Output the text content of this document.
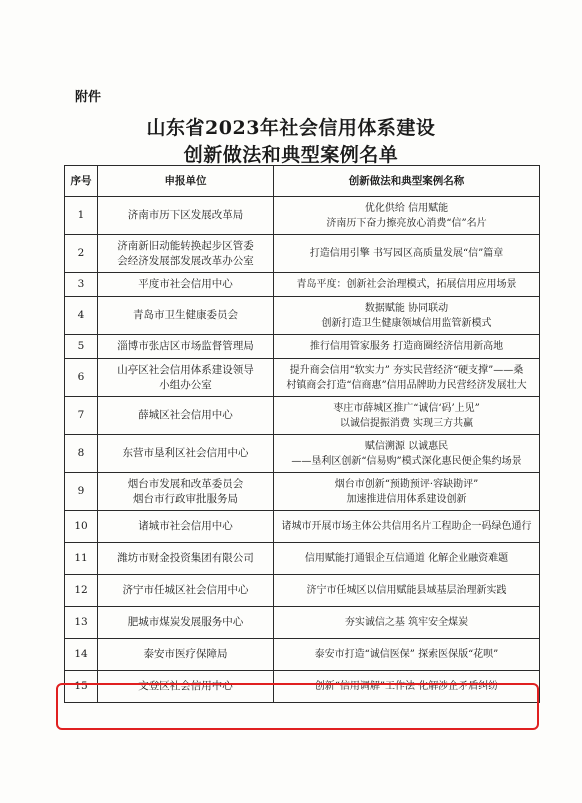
附件
山东省2023年社会信用体系建设
创新做法和典型案例名单
序号	申报单位	创新做法和典型案例名称
1	济南市历下区发展改革局	优化供给 信用赋能
济南历下奋力擦亮放心消费“信”名片

2	济南新旧动能转换起步区管委
会经济发展部发展改革办公室	打造信用引擎 书写园区高质量发展“信”篇章

3	平度市社会信用中心	青岛平度：创新社会治理模式，拓展信用应用场景

4	青岛市卫生健康委员会	数据赋能 协同联动
创新打造卫生健康领域信用监管新模式

5	淄博市张店区市场监督管理局	推行信用管家服务 打造商圈经济信用新高地

6	山亭区社会信用体系建设领导
小组办公室	提升商会信用“软实力” 夯实民营经济“硬支撑”——桑
村镇商会打造“信商惠”信用品牌助力民营经济发展壮大

7	薛城区社会信用中心	枣庄市薛城区推广“诚信‘码’上见”
以诚信提振消费 实现三方共赢

8	东营市垦利区社会信用中心	赋信溯源 以诚惠民
——垦利区创新“信易购”模式深化惠民便企集约场景

9	烟台市发展和改革委员会
烟台市行政审批服务局	烟台市创新“预勘预评·容缺勘评”
加速推进信用体系建设创新

10	诸城市社会信用中心	诸城市开展市场主体公共信用名片工程助企一码绿色通行

11	潍坊市财金投资集团有限公司	信用赋能打通银企互信通道 化解企业融资难题

12	济宁市任城区社会信用中心	济宁市任城区以信用赋能县域基层治理新实践

13	肥城市煤炭发展服务中心	夯实诚信之基 筑牢安全煤炭

14	泰安市医疗保障局	泰安市打造“诚信医保” 探索医保版“花呗”

15	文登区社会信用中心	创新“信用调解”工作法 化解涉企矛盾纠纷
